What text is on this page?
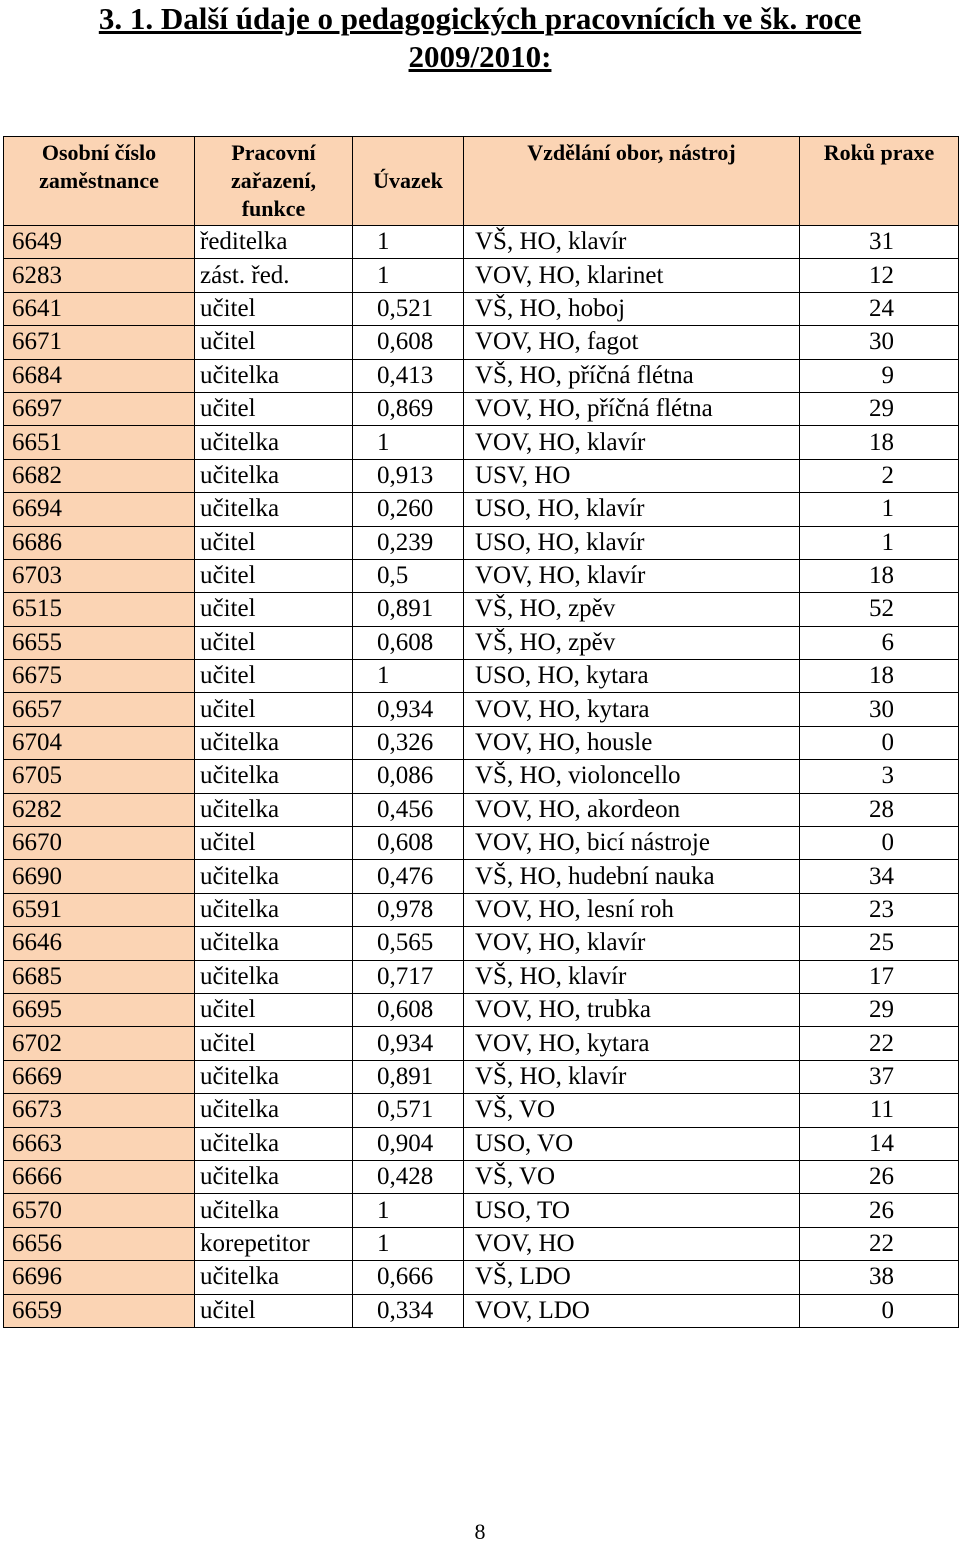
3. 1. Další údaje o pedagogických pracovnících ve šk. roce
2009/2010:
Osobní číslo zaměstnance	Pracovní zařazení, funkce	Úvazek	Vzdělání obor, nástroj	Roků praxe
6649	ředitelka	1	VŠ, HO, klavír	31
6283	zást. řed.	1	VOV, HO, klarinet	12
6641	učitel	0,521	VŠ, HO, hoboj	24
6671	učitel	0,608	VOV, HO, fagot	30
6684	učitelka	0,413	VŠ, HO, příčná flétna	9
6697	učitel	0,869	VOV, HO, příčná flétna	29
6651	učitelka	1	VOV, HO, klavír	18
6682	učitelka	0,913	USV, HO	2
6694	učitelka	0,260	USO, HO, klavír	1
6686	učitel	0,239	USO, HO, klavír	1
6703	učitel	0,5	VOV, HO, klavír	18
6515	učitel	0,891	VŠ, HO, zpěv	52
6655	učitel	0,608	VŠ, HO, zpěv	6
6675	učitel	1	USO, HO, kytara	18
6657	učitel	0,934	VOV, HO, kytara	30
6704	učitelka	0,326	VOV, HO, housle	0
6705	učitelka	0,086	VŠ, HO, violoncello	3
6282	učitelka	0,456	VOV, HO, akordeon	28
6670	učitel	0,608	VOV, HO, bicí nástroje	0
6690	učitelka	0,476	VŠ, HO, hudební nauka	34
6591	učitelka	0,978	VOV, HO, lesní roh	23
6646	učitelka	0,565	VOV, HO, klavír	25
6685	učitelka	0,717	VŠ, HO, klavír	17
6695	učitel	0,608	VOV, HO, trubka	29
6702	učitel	0,934	VOV, HO, kytara	22
6669	učitelka	0,891	VŠ, HO, klavír	37
6673	učitelka	0,571	VŠ, VO	11
6663	učitelka	0,904	USO, VO	14
6666	učitelka	0,428	VŠ, VO	26
6570	učitelka	1	USO, TO	26
6656	korepetitor	1	VOV, HO	22
6696	učitelka	0,666	VŠ, LDO	38
6659	učitel	0,334	VOV, LDO	0
8
